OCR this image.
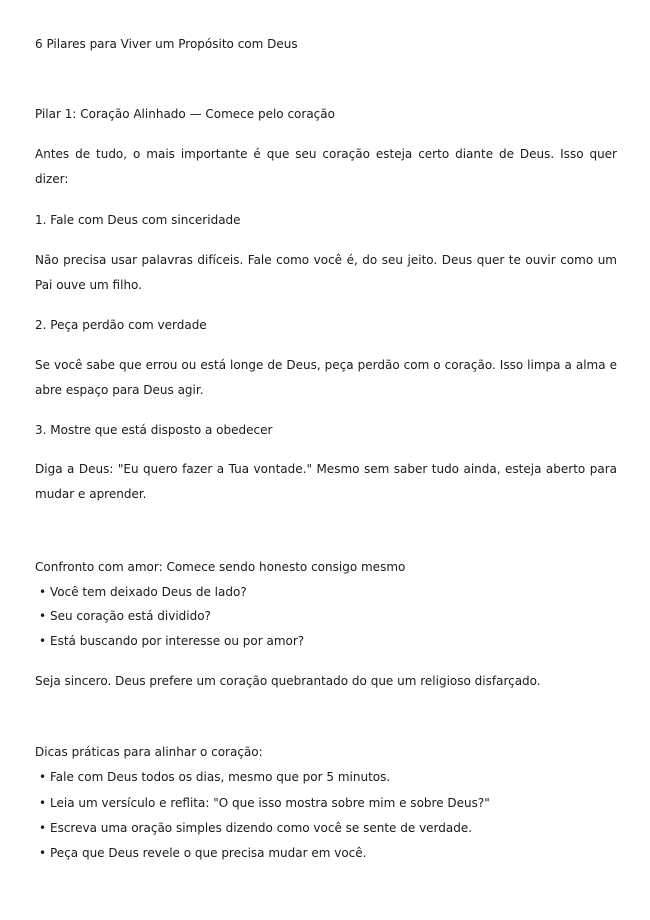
6 Pilares para Viver um Propósito com Deus
Pilar 1: Coração Alinhado — Comece pelo coração
Antes de tudo, o mais importante é que seu coração esteja certo diante de Deus. Isso quer dizer:
1. Fale com Deus com sinceridade
Não precisa usar palavras difíceis. Fale como você é, do seu jeito. Deus quer te ouvir como um Pai ouve um filho.
2. Peça perdão com verdade
Se você sabe que errou ou está longe de Deus, peça perdão com o coração. Isso limpa a alma e abre espaço para Deus agir.
3. Mostre que está disposto a obedecer
Diga a Deus: "Eu quero fazer a Tua vontade." Mesmo sem saber tudo ainda, esteja aberto para mudar e aprender.
Confronto com amor: Comece sendo honesto consigo mesmo
• Você tem deixado Deus de lado?
• Seu coração está dividido?
• Está buscando por interesse ou por amor?
Seja sincero. Deus prefere um coração quebrantado do que um religioso disfarçado.
Dicas práticas para alinhar o coração:
• Fale com Deus todos os dias, mesmo que por 5 minutos.
• Leia um versículo e reflita: "O que isso mostra sobre mim e sobre Deus?"
• Escreva uma oração simples dizendo como você se sente de verdade.
• Peça que Deus revele o que precisa mudar em você.
